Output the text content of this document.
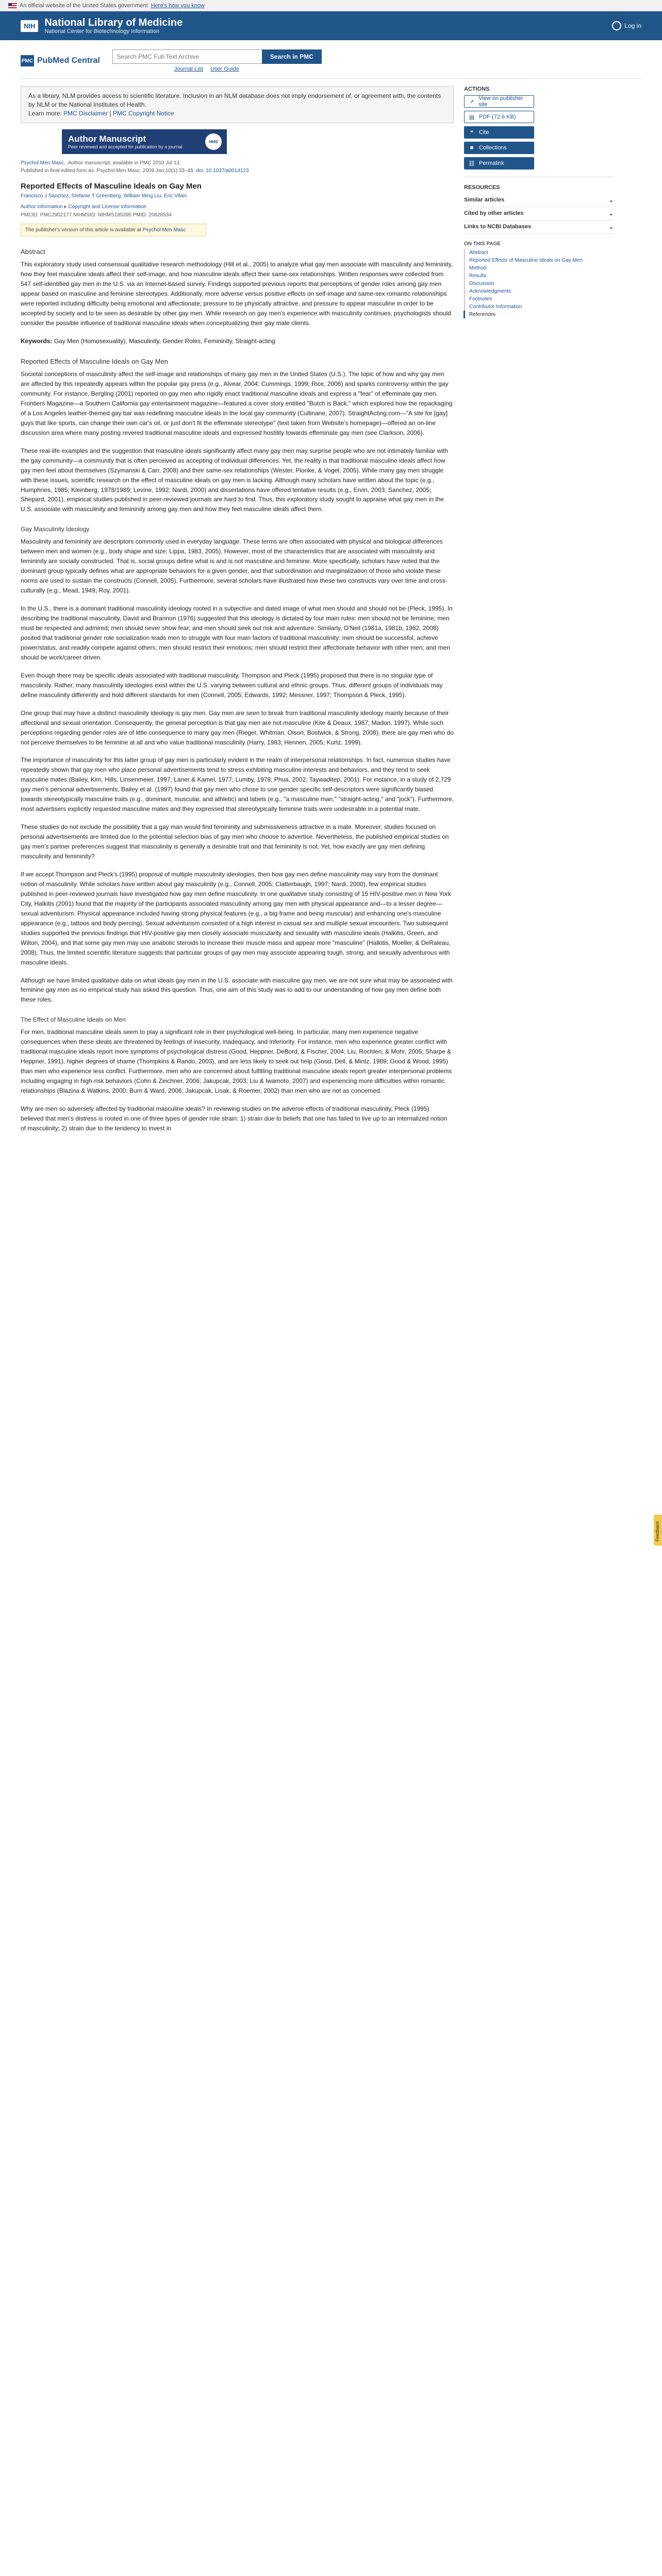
An official website of the United States government Here's how you know
NIH National Library of Medicine
National Center for Biotechnology Information
Log in
PMC PubMed Central
Search PMC Full-Text Archive	Search in PMC
Journal List User Guide
As a library, NLM provides access to scientific literature. Inclusion in an NLM database does not imply endorsement of, or agreement with, the contents by NLM or the National Institutes of Health.
Learn more: PMC Disclaimer | PMC Copyright Notice
Author Manuscript
Peer reviewed and accepted for publication by a journal
HHS
Psychol Men Masc.. Author manuscript; available in PMC 2010 Jul 13.
Published in final edited form as: Psychol Men Masc. 2009 Jan;10(1):33–45. doi: 10.1037/a0014123
Reported Effects of Masculine Ideals on Gay Men
Francisco J Sánchez, Stefanie T Greenberg, William Ming Liu, Eric Vilain
Author information ▸ Copyright and License information
PMCID: PMC2902177 NIHMSID: NIHMS185395 PMID: 20628534
The publisher's version of this article is available at Psychol Men Masc
Abstract

This exploratory study used consensual qualitative research methodology (Hill et al., 2005) to analyze what gay men associate with masculinity and femininity, how they feel masculine ideals affect their self-image, and how masculine ideals affect their same-sex relationships. Written responses were collected from 547 self-identified gay men in the U.S. via an Internet-based survey. Findings supported previous reports that perceptions of gender roles among gay men appear based on masculine and feminine stereotypes. Additionally, more adverse versus positive effects on self-image and same-sex romantic relationships were reported including difficulty being emotional and affectionate; pressure to be physically attractive, and pressure to appear masculine in order to be accepted by society and to be seen as desirable by other gay men. While research on gay men's experience with masculinity continues, psychologists should consider the possible influence of traditional masculine ideals when conceptualizing their gay male clients.

Keywords: Gay Men (Homosexuality), Masculinity, Gender Roles, Femininity, Straight-acting
Reported Effects of Masculine Ideals on Gay Men

Societal conceptions of masculinity affect the self-image and relationships of many gay men in the United States (U.S.). The topic of how and why gay men are affected by this repeatedly appears within the popular gay press (e.g., Alvear, 2004; Cummings, 1999; Rice, 2006) and sparks controversy within the gay community. For instance, Bergling (2001) reported on gay men who rigidly enact traditional masculine ideals and express a "fear" of effeminate gay men. Frontiers Magazine—a Southern California gay entertainment magazine—featured a cover story entitled "Butch is Back," which explored how the repackaging of a Los Angeles leather-themed gay bar was redefining masculine ideals in the local gay community (Cullinane, 2007). StraightActing.com—"A site for [gay] guys that like sports, can change their own car's oil, or just don't fit the effeminate stereotype" (text taken from Website's homepage)—offered an on-line discussion area where many posting revered traditional masculine ideals and expressed hostility towards effeminate gay men (see Clarkson, 2006).

These real-life examples and the suggestion that masculine ideals significantly affect many gay men may surprise people who are not intimately familiar with the gay community—a community that is often perceived as accepting of individual differences. Yet, the reality is that traditional masculine ideals affect how gay men feel about themselves (Szymanski & Carr, 2008) and their same-sex relationships (Wester, Pionke, & Vogel, 2005). While many gay men struggle with these issues, scientific research on the effect of masculine ideals on gay men is lacking. Although many scholars have written about the topic (e.g., Humphries, 1985; Kleinberg, 1978/1989; Levine, 1992; Nardi, 2000) and dissertations have offered tentative results (e.g., Ervin, 2003; Sanchez, 2005; Shepard, 2001), empirical studies published in peer-reviewed journals are hard to find. Thus, this exploratory study sought to appraise what gay men in the U.S. associate with masculinity and femininity among gay men and how they feel masculine ideals affect them.

Gay Masculinity Ideology

Masculinity and femininity are descriptors commonly used in everyday language. These terms are often associated with physical and biological differences between men and women (e.g., body shape and size; Lippa, 1983, 2005). However, most of the characteristics that are associated with masculinity and femininity are socially constructed. That is, social groups define what is and is not masculine and feminine. More specifically, scholars have noted that the dominant group typically defines what are appropriate behaviors for a given gender, and that subordination and marginalization of those who violate these norms are used to sustain the constructs (Connell, 2005). Furthermore, several scholars have illustrated how these two constructs vary over time and cross-culturally (e.g., Mead, 1949; Roy, 2001).

In the U.S., there is a dominant traditional masculinity ideology rooted in a subjective and dated image of what men should and should not be (Pleck, 1995). In describing the traditional masculinity, David and Brannon (1976) suggested that this ideology is dictated by four main rules: men should not be feminine; men must be respected and admired; men should never show fear; and men should seek out risk and adventure. Similarly, O'Neil (1981a, 1981b, 1982, 2008) posited that traditional gender role socialization leads men to struggle with four main factors of traditional masculinity: men should be successful, achieve power/status, and readily compete against others; men should restrict their emotions; men should restrict their affectionate behavior with other men; and men should be work/career driven.

Even though there may be specific ideals associated with traditional masculinity, Thompson and Pleck (1995) proposed that there is no singular type of masculinity. Rather, many masculinity ideologies exist within the U.S. varying between cultural and ethnic groups. Thus, different groups of individuals may define masculinity differently and hold different standards for men (Connell, 2005; Edwards, 1992; Messner, 1997; Thompson & Pleck, 1995).

One group that may have a distinct masculinity ideology is gay men. Gay men are seen to break from traditional masculinity ideology mainly because of their affectional and sexual orientation. Consequently, the general perception is that gay men are not masculine (Kite & Deaux, 1987; Madon, 1997). While such perceptions regarding gender roles are of little consequence to many gay men (Rieger, Whitman, Olson, Bostwick, & Strong, 2008), there are gay men who do not perceive themselves to be feminine at all and who value traditional masculinity (Harry, 1983; Hennen, 2005; Kurtz, 1999).

The importance of masculinity for this latter group of gay men is particularly evident in the realm of interpersonal relationships. In fact, numerous studies have repeatedly shown that gay men who place personal advertisements tend to stress exhibiting masculine interests and behaviors, and they tend to seek masculine mates (Bailey, Kim, Hills, Linsenmeier, 1997; Laner & Kamel, 1977; Lumby, 1978; Phua, 2002; Taywaditep, 2001). For instance, in a study of 2,729 gay men's personal advertisements, Bailey et al. (1997) found that gay men who chose to use gender specific self-descriptors were significantly biased towards stereotypically masculine traits (e.g., dominant, muscular, and athletic) and labels (e.g., "a masculine man," "straight-acting," and "jock"). Furthermore, most advertisers explicitly requested masculine mates and they expressed that stereotypically feminine traits were undesirable in a potential mate.

These studies do not exclude the possibility that a gay man would find femininity and submissiveness attractive in a mate. Moreover, studies focused on personal advertisements are limited due to the potential selection bias of gay men who choose to advertise. Nevertheless, the published empirical studies on gay men's partner preferences suggest that masculinity is generally a desirable trait and that femininity is not. Yet, how exactly are gay men defining masculinity and femininity?

If we accept Thompson and Pleck's (1995) proposal of multiple masculinity ideologies, then how gay men define masculinity may vary from the dominant notion of masculinity. While scholars have written about gay masculinity (e.g., Connell, 2005; Clatterbaugh, 1997; Nardi, 2000), few empirical studies published in peer-reviewed journals have investigated how gay men define masculinity. In one qualitative study consisting of 15 HIV-positive men in New York City, Halkitis (2001) found that the majority of the participants associated masculinity among gay men with physical appearance and—to a lesser degree—sexual adventurism. Physical appearance included having strong physical features (e.g., a big frame and being muscular) and enhancing one's masculine appearance (e.g., tattoos and body piercing). Sexual adventurism consisted of a high interest in casual sex and multiple sexual encounters. Two subsequent studies supported the previous findings that HIV-positive gay men closely associate muscularity and sexuality with masculine ideals (Halkitis, Green, and Wilton, 2004), and that some gay men may use anabolic steroids to increase their muscle mass and appear more "masculine" (Halkitis, Moeller, & DeRaleau, 2008). Thus, the limited scientific literature suggests that particular groups of gay men may associate appearing tough, strong, and sexually adventurous with masculine ideals.

Although we have limited qualitative data on what ideals gay men in the U.S. associate with masculine gay men, we are not sure what may be associated with feminine gay men as no empirical study has asked this question. Thus, one aim of this study was to add to our understanding of how gay men define both these roles.

The Effect of Masculine Ideals on Men

For men, traditional masculine ideals seem to play a significant role in their psychological well-being. In particular, many men experience negative consequences when these ideals are threatened by feelings of insecurity, inadequacy, and inferiority. For instance, men who experience greater conflict with traditional masculine ideals report more symptoms of psychological distress (Good, Heppner, DeBord, & Fischer, 2004; Liu, Rochlen, & Mohr, 2005; Sharpe & Heppner, 1991), higher degrees of shame (Thompkins & Rando, 2003), and are less likely to seek out help (Good, Dell, & Mintz, 1989; Good & Wood, 1995) than men who experience less conflict. Furthermore, men who are concerned about fulfilling traditional masculine ideals report greater interpersonal problems including engaging in high-risk behaviors (Cohn & Zeichner, 2006; Jakupcak, 2003; Liu & Iwamoto, 2007) and experiencing more difficulties within romantic relationships (Blazina & Watkins, 2000; Burn & Ward, 2006; Jakupcak, Lisak, & Roemer, 2002) than men who are not as concerned.

Why are men so adversely affected by traditional masculine ideals? In reviewing studies on the adverse effects of traditional masculinity, Pleck (1995) believed that men's distress is rooted in one of three types of gender role strain: 1) strain due to beliefs that one has failed to live up to an internalized notion of masculinity; 2) strain due to the tendency to invest in

ACTIONS
↗
View on publisher site
▤ PDF (72.6 KB)
❝ Cite
■ Collections
⛓ Permalink
RESOURCES
Similar articles	⌄
Cited by other articles	⌄
Links to NCBI Databases	⌄
ON THIS PAGE
Abstract
Reported Effects of Masculine Ideals on Gay Men
Method
Results
Discussion
Acknowledgments
Footnotes
Contributor Information
References
Feedback
